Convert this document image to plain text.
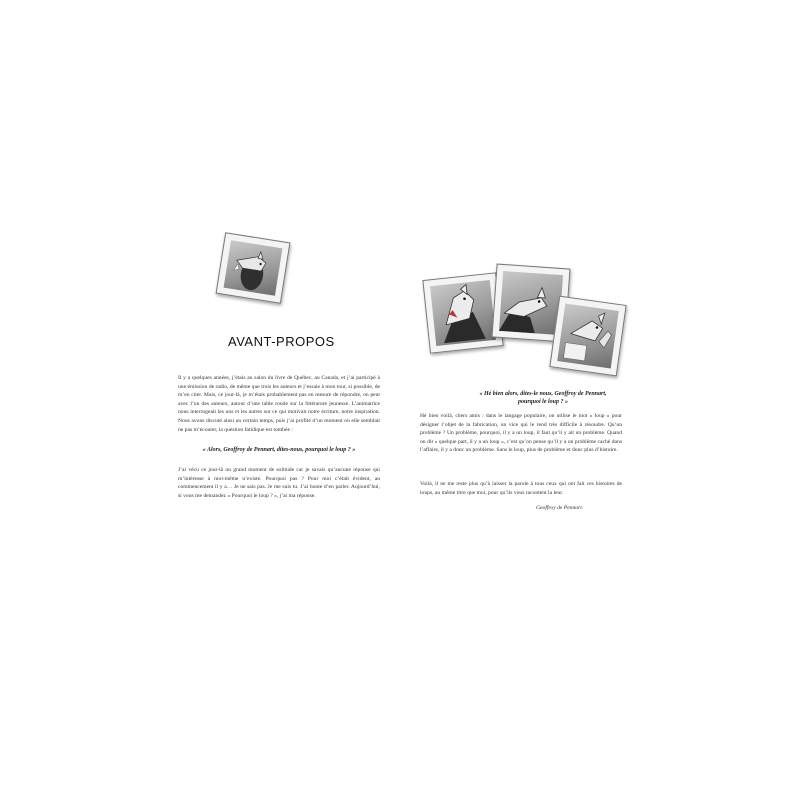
AVANT-PROPOS

Il y a quelques années, j’étais au salon du livre de Québec, au Canada, et j’ai participé à une émission de radio, de même que trois les auteurs et j’essaie à mon tour, si possible, de m’en citer. Mais, ce jour-là, je m’étais probablement pas en mesure de répondre, on peut avec l’un des auteurs, autour d’une table ronde sur la littérature jeunesse. L’animatrice nous interrogeait les uns et les autres sur ce qui motivait notre écriture, notre inspiration. Nous avons discuté ainsi un certain temps, puis j’ai profité d’un moment où elle semblait ne pas m’écouter, la question fatidique est tombée :

« Alors, Geoffroy de Pennart, dites-nous, pourquoi le loup ? »

J’ai vécu ce jour-là un grand moment de solitude car je savais qu’aucune réponse qui m’intéresse à moi-même n’existe. Pourquoi pas ? Pour moi c’était évident, au commencement il y a… Je ne sais pas. Je me suis tu. J’ai honte d’en parler. Aujourd’hui, si vous me demandez « Pourquoi le loup ? », j’ai ma réponse.

« Hé bien alors, dites-le nous, Geoffroy de Pennart, pourquoi le loup ? »

Hé bien voilà, chers amis : dans le langage populaire, on utilise le mot « loup » pour désigner l’objet de la fabrication, un vice qui le rend très difficile à résoudre. Qu’un problème ? Un problème, pourquoi, il y a un loup, il faut qu’il y ait un problème. Quand on dit « quelque part, il y a un loup », c’est qu’on pense qu’il y a un problème caché dans l’affaire, il y a donc un problème. Sans le loup, plus de problème et donc plus d’histoire.

Voilà, il ne me reste plus qu’à laisser la parole à tous ceux qui ont fait ces histoires de loups, au même titre que moi, pour qu’ils vous racontent la leur.

Geoffroy de Pennart.
